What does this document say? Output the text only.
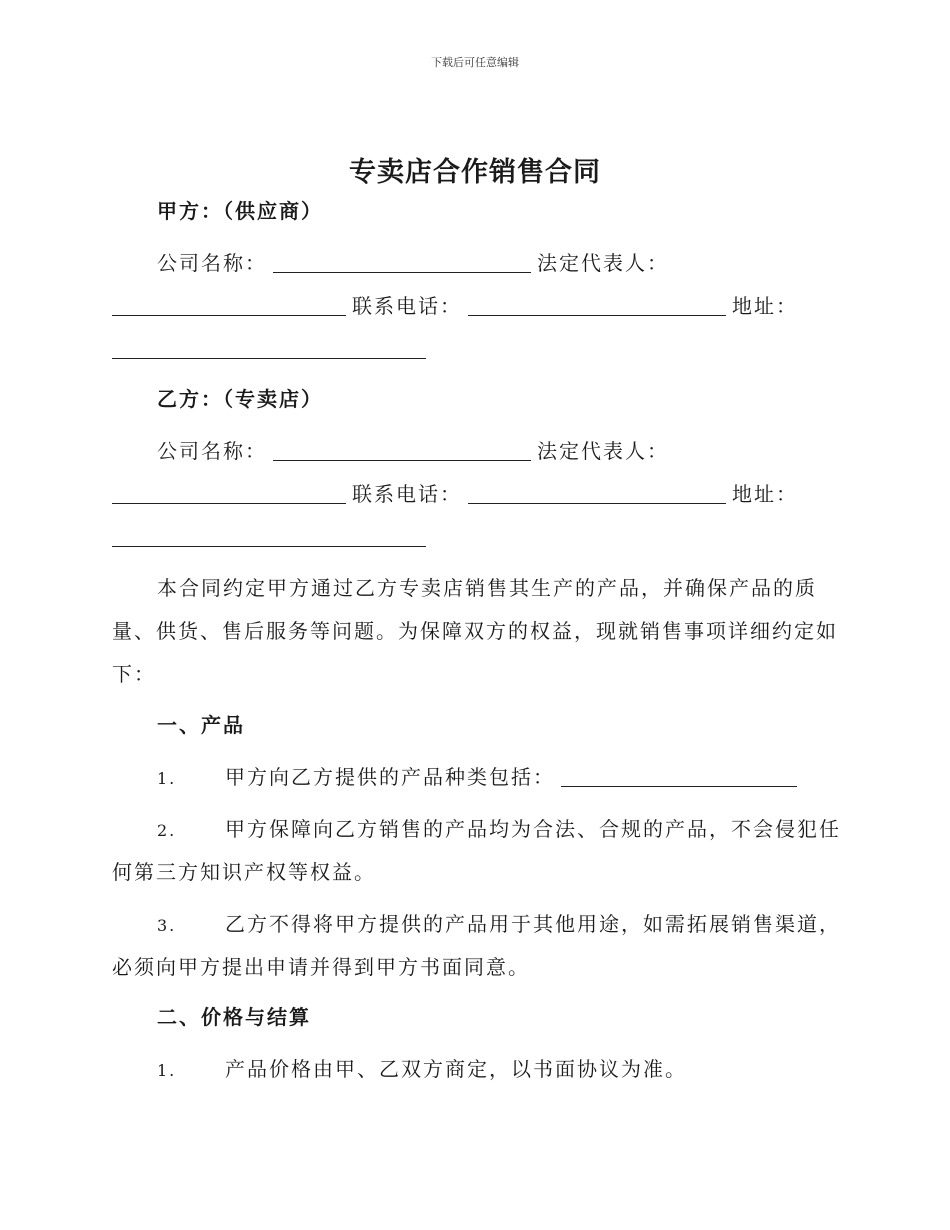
下载后可任意编辑
专卖店合作销售合同
甲方：（供应商）
公司名称：	法定代表人：
联系电话：	地址：
乙方：（专卖店）
公司名称：	法定代表人：
联系电话：	地址：
本合同约定甲方通过乙方专卖店销售其生产的产品，并确保产品的质
量、供货、售后服务等问题。为保障双方的权益，现就销售事项详细约定如
下：
一、产品
1. 甲方向乙方提供的产品种类包括：
2. 甲方保障向乙方销售的产品均为合法、合规的产品，不会侵犯任
何第三方知识产权等权益。
3. 乙方不得将甲方提供的产品用于其他用途，如需拓展销售渠道，
必须向甲方提出申请并得到甲方书面同意。
二、价格与结算
1. 产品价格由甲、乙双方商定，以书面协议为准。
